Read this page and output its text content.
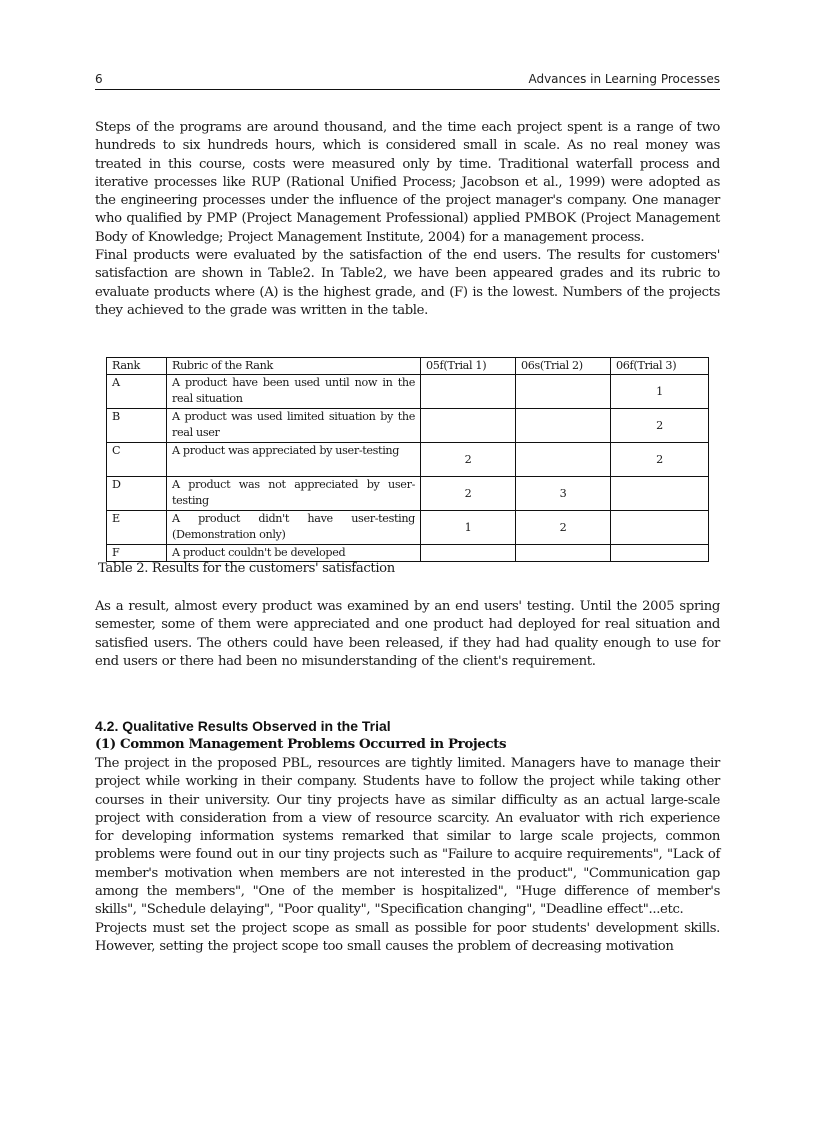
6	Advances in Learning Processes

Steps of the programs are around thousand, and the time each project spent is a range of two hundreds to six hundreds hours, which is considered small in scale. As no real money was treated in this course, costs were measured only by time. Traditional waterfall process and iterative processes like RUP (Rational Unified Process; Jacobson et al., 1999) were adopted as the engineering processes under the influence of the project manager's company. One manager who qualified by PMP (Project Management Professional) applied PMBOK (Project Management Body of Knowledge; Project Management Institute, 2004) for a management process.

Final products were evaluated by the satisfaction of the end users. The results for customers' satisfaction are shown in Table2. In Table2, we have been appeared grades and its rubric to evaluate products where (A) is the highest grade, and (F) is the lowest. Numbers of the projects they achieved to the grade was written in the table.

Rank	Rubric of the Rank	05f(Trial 1)	06s(Trial 2)	06f(Trial 3)
A	A product have been used until now in the real situation			1
B	A product was used limited situation by the real user			2
C	A product was appreciated by user-testing	2		2
D	A product was not appreciated by user-testing	2	3	
E	A product didn't have user-testing (Demonstration only)	1	2	
F	A product couldn't be developed			
Table 2. Results for the customers' satisfaction

As a result, almost every product was examined by an end users' testing. Until the 2005 spring semester, some of them were appreciated and one product had deployed for real situation and satisfied users. The others could have been released, if they had had quality enough to use for end users or there had been no misunderstanding of the client's requirement.

4.2. Qualitative Results Observed in the Trial
(1) Common Management Problems Occurred in Projects

The project in the proposed PBL, resources are tightly limited. Managers have to manage their project while working in their company. Students have to follow the project while taking other courses in their university. Our tiny projects have as similar difficulty as an actual large-scale project with consideration from a view of resource scarcity. An evaluator with rich experience for developing information systems remarked that similar to large scale projects, common problems were found out in our tiny projects such as "Failure to acquire requirements", "Lack of member's motivation when members are not interested in the product", "Communication gap among the members", "One of the member is hospitalized", "Huge difference of member's skills", "Schedule delaying", "Poor quality", "Specification changing", "Deadline effect"...etc.

Projects must set the project scope as small as possible for poor students' development skills. However, setting the project scope too small causes the problem of decreasing motivation
